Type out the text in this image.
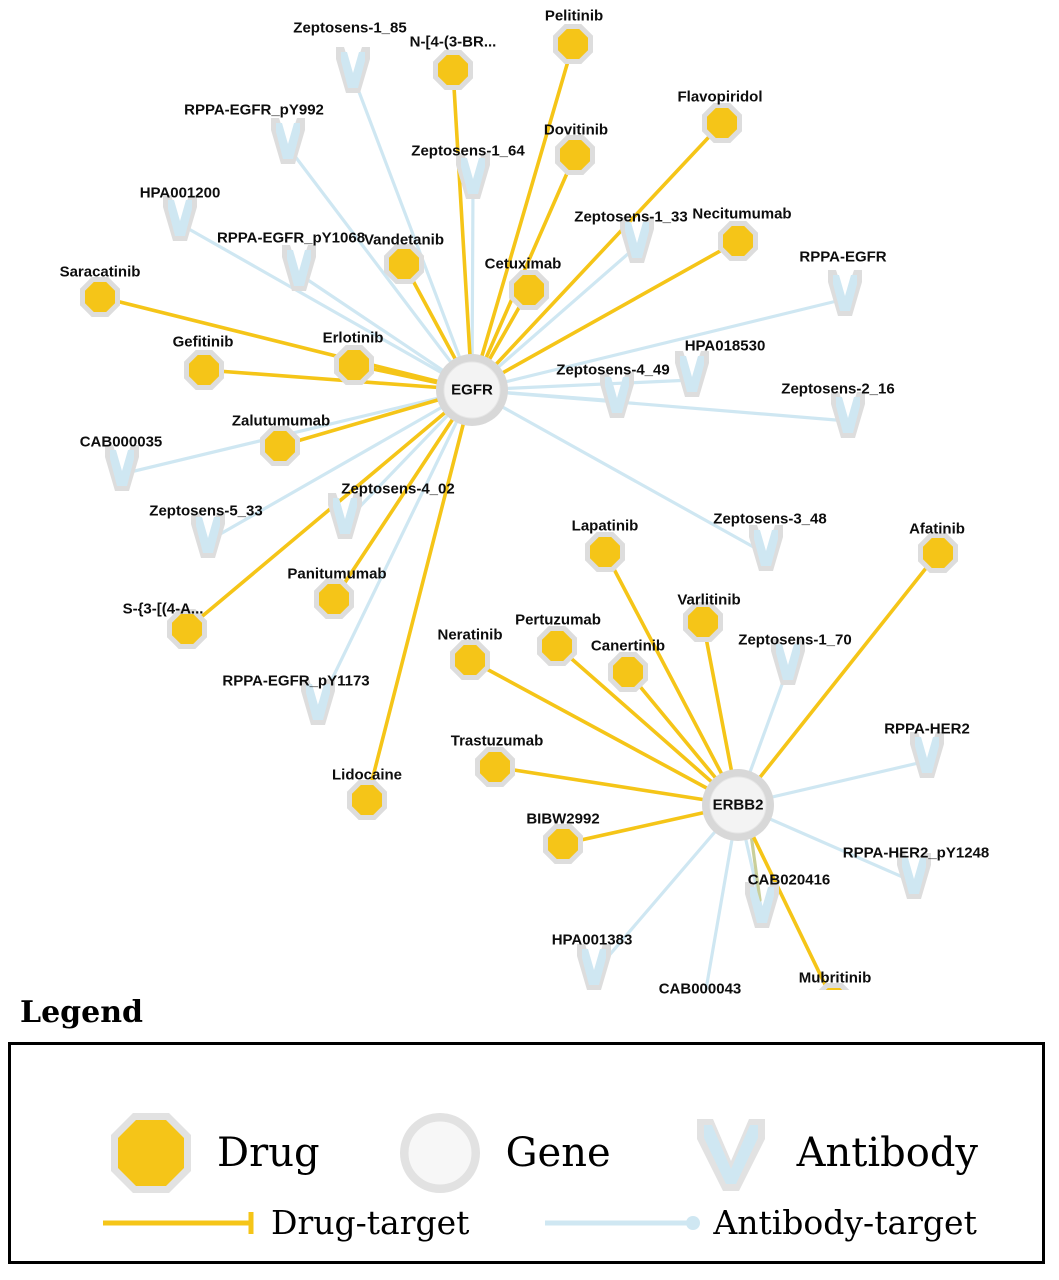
Zeptosens-1_85
RPPA-EGFR_pY992
Zeptosens-1_64
HPA001200
Zeptosens-1_33
RPPA-EGFR_pY1068
RPPA-EGFR
HPA018530
Zeptosens-4_49
Zeptosens-2_16
CAB000035
Zeptosens-5_33
Zeptosens-4_02
Zeptosens-3_48
Zeptosens-1_70
RPPA-EGFR_pY1173
RPPA-HER2
RPPA-HER2_pY1248
CAB020416
HPA001383
CAB000043
Pelitinib
N-[4-(3-BR...
Flavopiridol
Dovitinib
Necitumumab
Vandetanib
Cetuximab
Saracatinib
Gefitinib	Erlotinib
Zalutumumab
Afatinib
Lapatinib
Varlitinib
Panitumumab
S-{3-[(4-A...
Pertuzumab
Neratinib
Canertinib
Trastuzumab
Lidocaine
BIBW2992
Mubritinib
EGFR
ERBB2
Legend
Drug	Gene	Antibody
Drug-target	Antibody-target
